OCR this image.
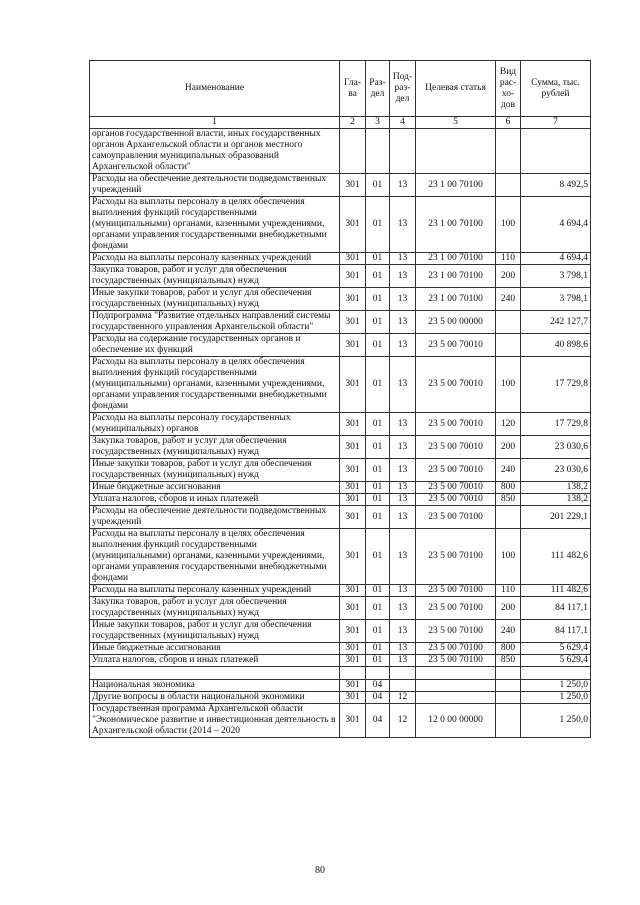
Наименование	Гла-ва	Раз-дел	Под-раз-дел	Целевая статья	Вид рас-хо-дов	Сумма, тыс. рублей
1	2	3	4	5	6	7
органов государственной власти, иных государственных органов Архангельской области и органов местного самоуправления муниципальных образований Архангельской области"						
Расходы на обеспечение деятельности подведомственных учреждений	301	01	13	23 1 00 70100		8 492,5
Расходы на выплаты персоналу в целях обеспечения выполнения функций государственными (муниципальными) органами, казенными учреждениями, органами управления государственными внебюджетными фондами	301	01	13	23 1 00 70100	100	4 694,4
Расходы на выплаты персоналу казенных учреждений	301	01	13	23 1 00 70100	110	4 694,4
Закупка товаров, работ и услуг для обеспечения государственных (муниципальных) нужд	301	01	13	23 1 00 70100	200	3 798,1
Иные закупки товаров, работ и услуг для обеспечения государственных (муниципальных) нужд	301	01	13	23 1 00 70100	240	3 798,1
Подпрограмма "Развитие отдельных направлений системы государственного управления Архангельской области"	301	01	13	23 5 00 00000		242 127,7
Расходы на содержание государственных органов и обеспечение их функций	301	01	13	23 5 00 70010		40 898,6
Расходы на выплаты персоналу в целях обеспечения выполнения функций государственными (муниципальными) органами, казенными учреждениями, органами управления государственными внебюджетными фондами	301	01	13	23 5 00 70010	100	17 729,8
Расходы на выплаты персоналу государственных (муниципальных) органов	301	01	13	23 5 00 70010	120	17 729,8
Закупка товаров, работ и услуг для обеспечения государственных (муниципальных) нужд	301	01	13	23 5 00 70010	200	23 030,6
Иные закупки товаров, работ и услуг для обеспечения государственных (муниципальных) нужд	301	01	13	23 5 00 70010	240	23 030,6
Иные бюджетные ассигнования	301	01	13	23 5 00 70010	800	138,2
Уплата налогов, сборов и иных платежей	301	01	13	23 5 00 70010	850	138,2
Расходы на обеспечение деятельности подведомственных учреждений	301	01	13	23 5 00 70100		201 229,1
Расходы на выплаты персоналу в целях обеспечения выполнения функций государственными (муниципальными) органами, казенными учреждениями, органами управления государственными внебюджетными фондами	301	01	13	23 5 00 70100	100	111 482,6
Расходы на выплаты персоналу казенных учреждений	301	01	13	23 5 00 70100	110	111 482,6
Закупка товаров, работ и услуг для обеспечения государственных (муниципальных) нужд	301	01	13	23 5 00 70100	200	84 117,1
Иные закупки товаров, работ и услуг для обеспечения государственных (муниципальных) нужд	301	01	13	23 5 00 70100	240	84 117,1
Иные бюджетные ассигнования	301	01	13	23 5 00 70100	800	5 629,4
Уплата налогов, сборов и иных платежей	301	01	13	23 5 00 70100	850	5 629,4

Национальная экономика	301	04				1 250,0
Другие вопросы в области национальной экономики	301	04	12			1 250,0
Государственная программа Архангельской области "Экономическое развитие и инвестиционная деятельность в Архангельской области (2014 – 2020	301	04	12	12 0 00 00000		1 250,0
80
